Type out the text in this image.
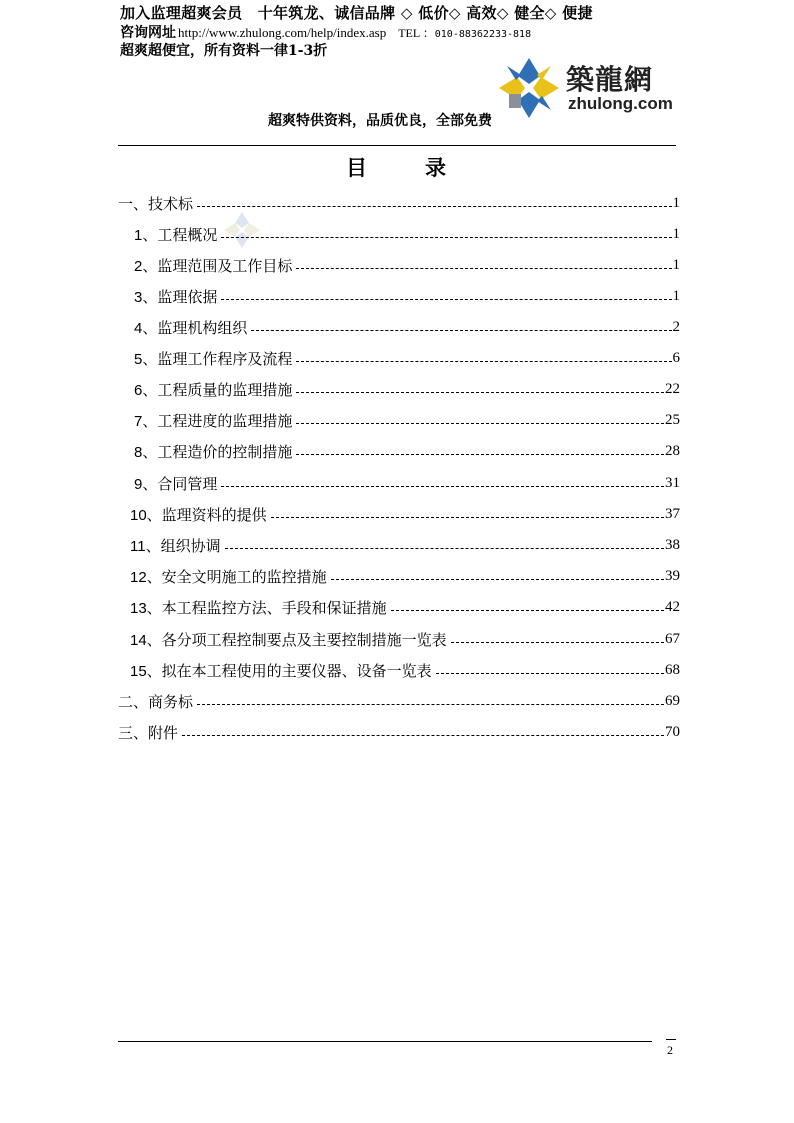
加入监理超爽会员　十年筑龙、诚信品牌 ◇ 低价◇ 高效◇ 健全◇ 便捷
咨询网址 http://www.zhulong.com/help/index.asp TEL ：010-88362233-818
超爽超便宜，所有资料一律1-3折
築龍網
zhulong.com
超爽特供资料，品质优良，全部免费
目	录
一、技术标	1
1、工程概况	1
2、监理范围及工作目标	1
3、监理依据	1
4、监理机构组织	2
5、监理工作程序及流程	6
6、工程质量的监理措施	22
7、工程进度的监理措施	25
8、工程造价的控制措施	28
9、合同管理	31
10、监理资料的提供	37
11、组织协调	38
12、安全文明施工的监控措施	39
13、本工程监控方法、手段和保证措施	42
14、各分项工程控制要点及主要控制措施一览表	67
15、拟在本工程使用的主要仪器、设备一览表	68
二、商务标	69
三、附件	70
2
